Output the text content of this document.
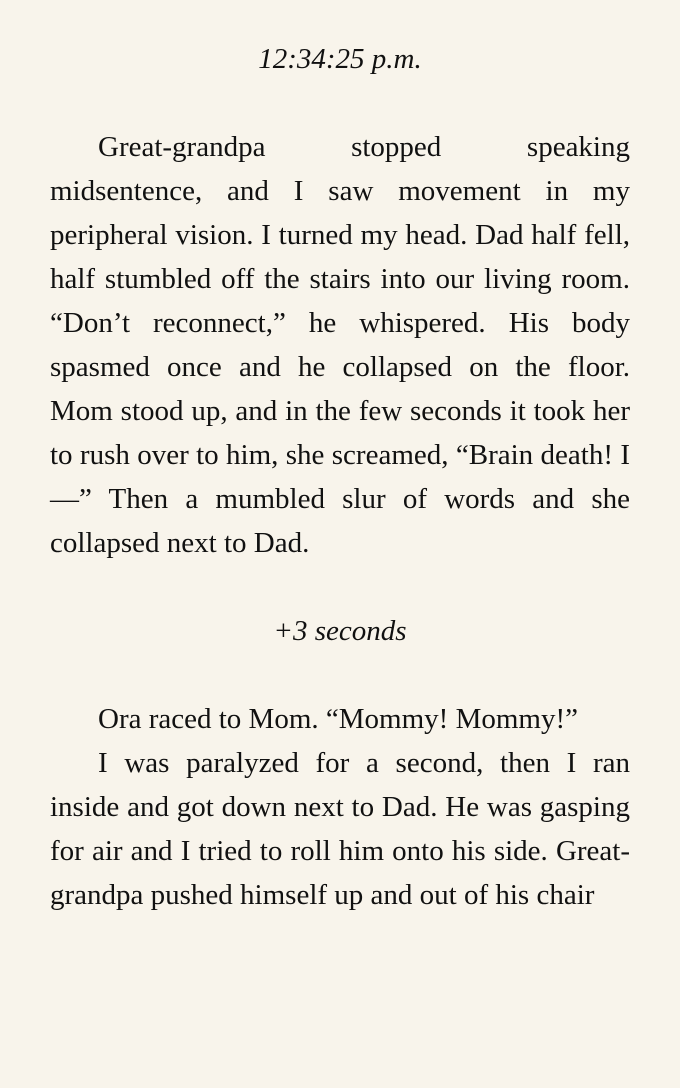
12:34:25 p.m.

Great-grandpa stopped speaking midsentence, and I saw movement in my peripheral vision. I turned my head. Dad half fell, half stumbled off the stairs into our living room. “Don’t reconnect,” he whispered. His body spasmed once and he collapsed on the floor. Mom stood up, and in the few seconds it took her to rush over to him, she screamed, “Brain death! I—” Then a mumbled slur of words and she collapsed next to Dad.

+3 seconds

Ora raced to Mom. “Mommy! Mommy!”

I was paralyzed for a second, then I ran inside and got down next to Dad. He was gasping for air and I tried to roll him onto his side. Great-grandpa pushed himself up and out of his chair
